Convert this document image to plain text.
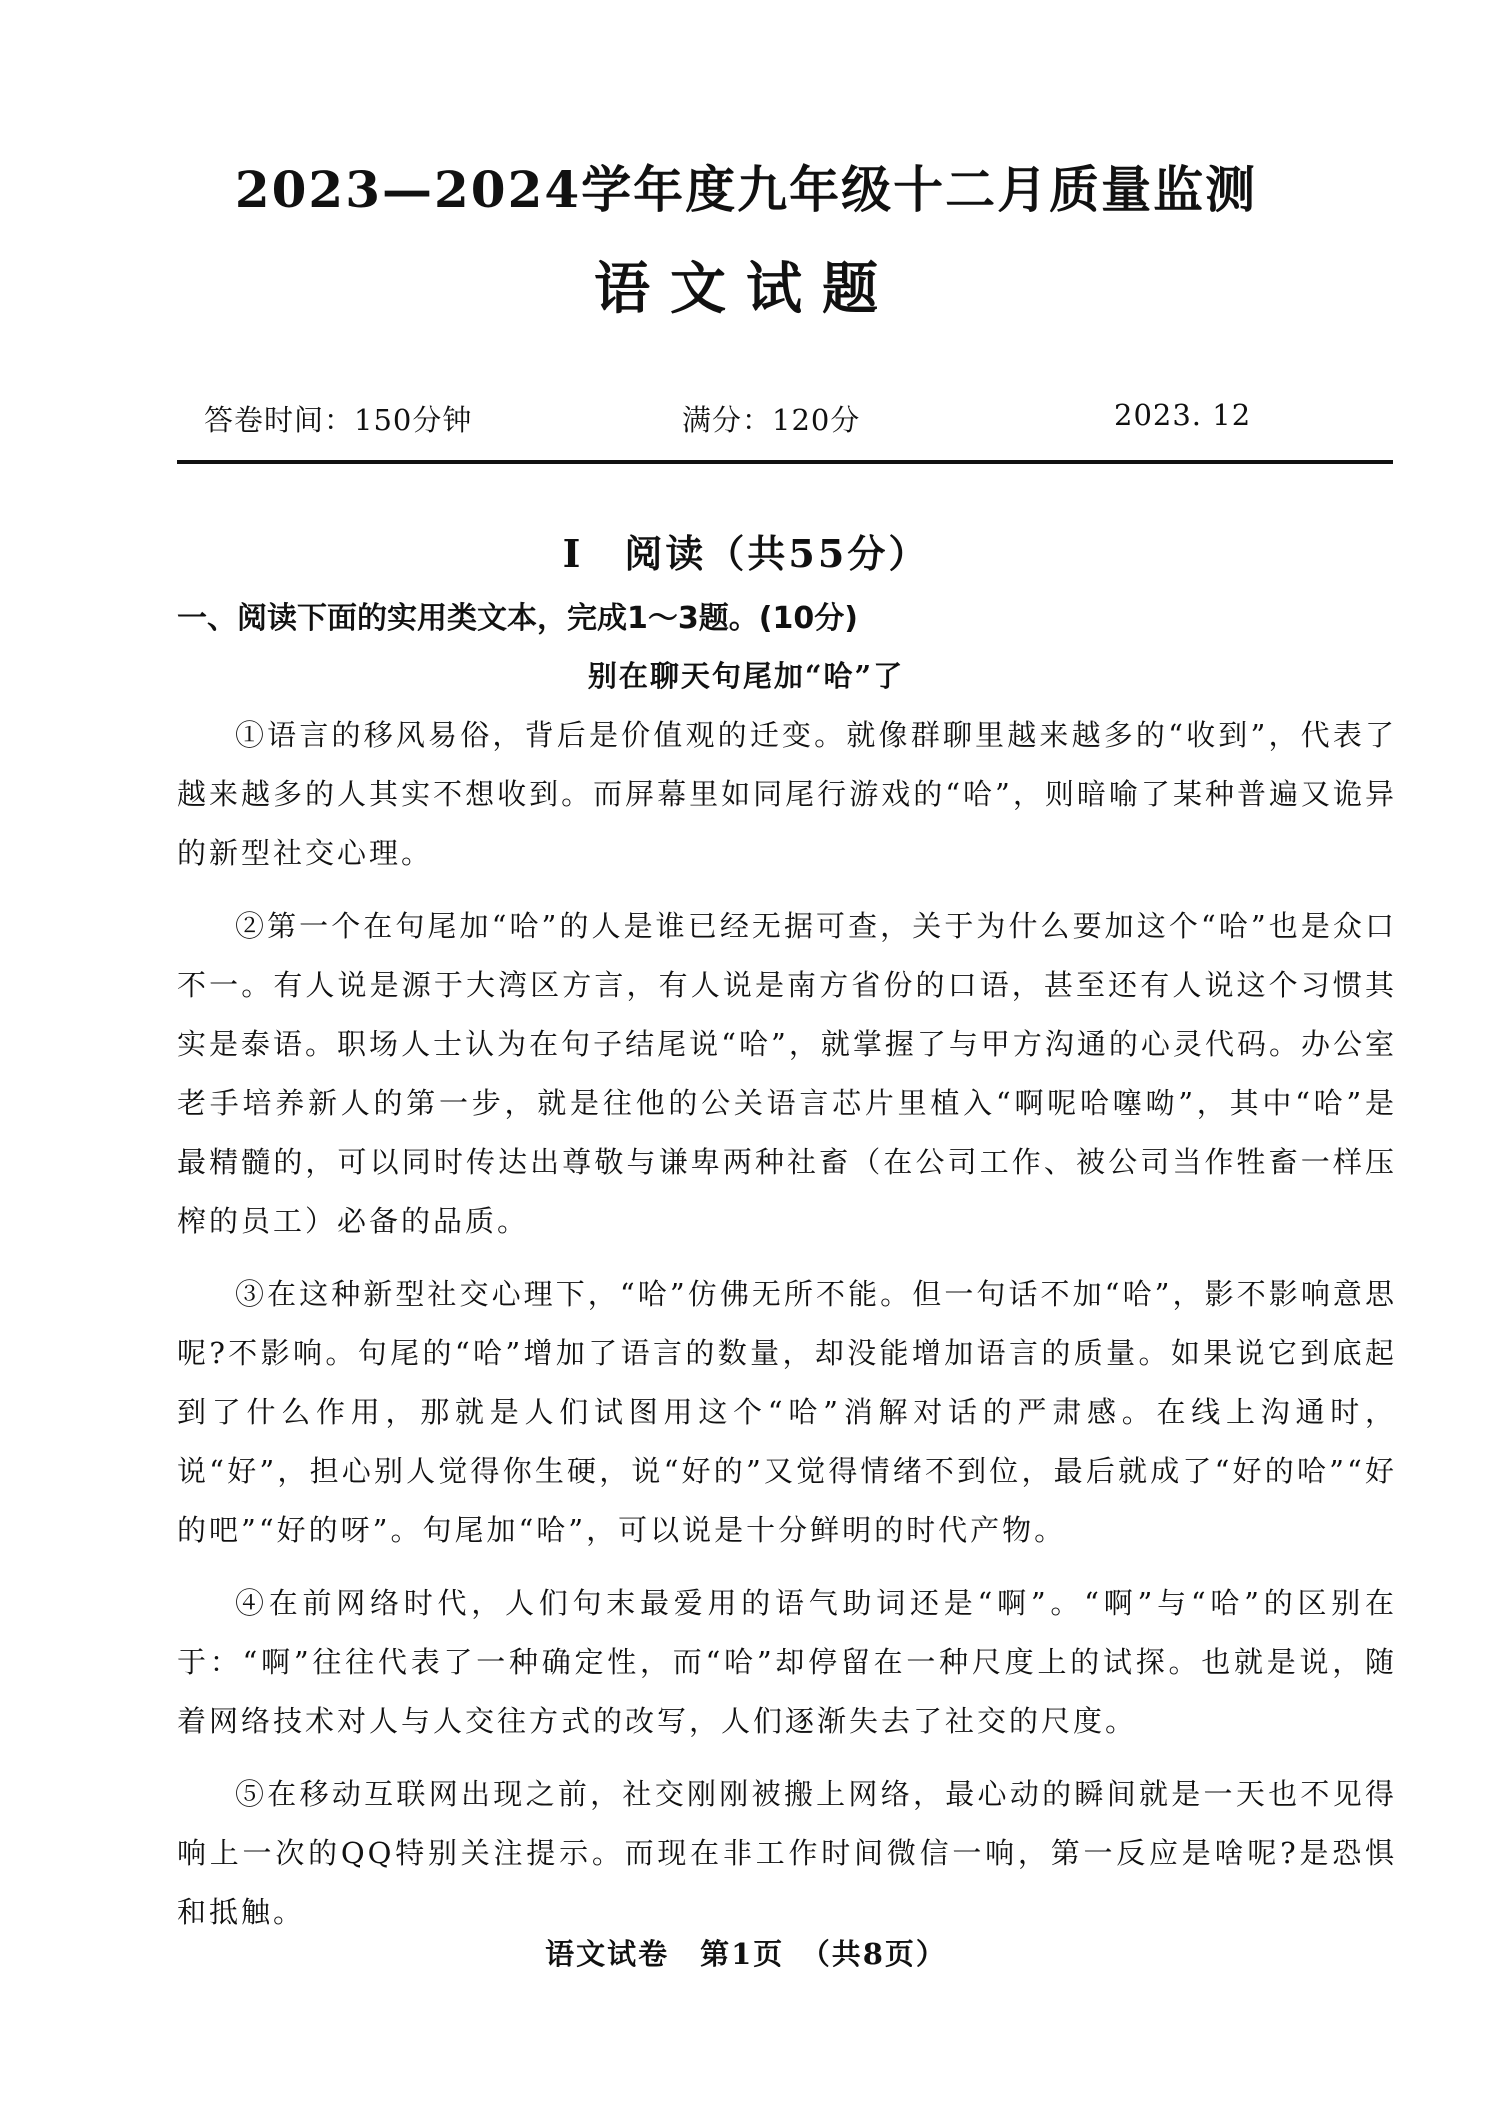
2023—2024学年度九年级十二月质量监测
语文试题
答卷时间：150分钟	满分：120分	2023. 12
I　阅读（共55分）
一、阅读下面的实用类文本，完成1～3题。(10分)
别在聊天句尾加“哈”了

①语言的移风易俗，背后是价值观的迁变。就像群聊里越来越多的“收到”，代表了越来越多的人其实不想收到。而屏幕里如同尾行游戏的“哈”，则暗喻了某种普遍又诡异的新型社交心理。

②第一个在句尾加“哈”的人是谁已经无据可查，关于为什么要加这个“哈”也是众口不一。有人说是源于大湾区方言，有人说是南方省份的口语，甚至还有人说这个习惯其实是泰语。职场人士认为在句子结尾说“哈”，就掌握了与甲方沟通的心灵代码。办公室老手培养新人的第一步，就是往他的公关语言芯片里植入“啊呢哈噻呦”，其中“哈”是最精髓的，可以同时传达出尊敬与谦卑两种社畜（在公司工作、被公司当作牲畜一样压榨的员工）必备的品质。

③在这种新型社交心理下，“哈”仿佛无所不能。但一句话不加“哈”，影不影响意思呢?不影响。句尾的“哈”增加了语言的数量，却没能增加语言的质量。如果说它到底起到了什么作用，那就是人们试图用这个“哈”消解对话的严肃感。在线上沟通时，说“好”，担心别人觉得你生硬，说“好的”又觉得情绪不到位，最后就成了“好的哈”“好的吧”“好的呀”。句尾加“哈”，可以说是十分鲜明的时代产物。

④在前网络时代，人们句末最爱用的语气助词还是“啊”。“啊”与“哈”的区别在于：“啊”往往代表了一种确定性，而“哈”却停留在一种尺度上的试探。也就是说，随着网络技术对人与人交往方式的改写，人们逐渐失去了社交的尺度。

⑤在移动互联网出现之前，社交刚刚被搬上网络，最心动的瞬间就是一天也不见得响上一次的QQ特别关注提示。而现在非工作时间微信一响，第一反应是啥呢?是恐惧和抵触。

语文试卷　第1页　（共8页）
